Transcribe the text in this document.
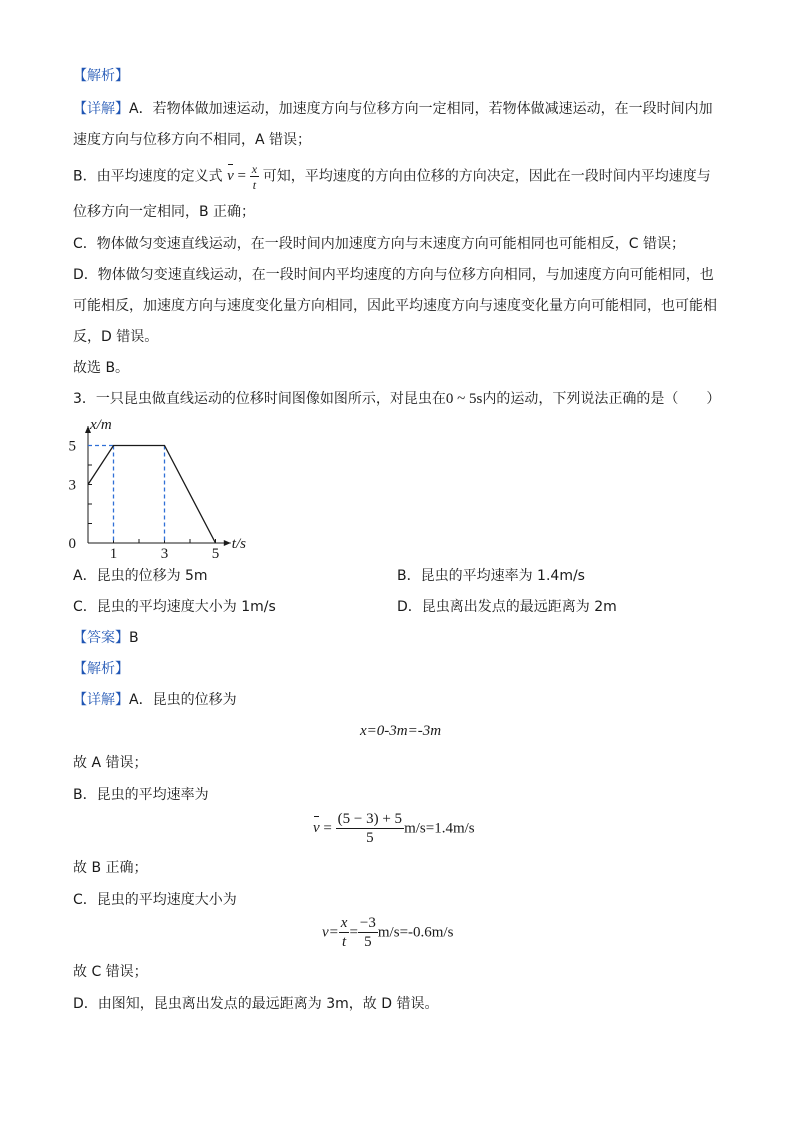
【解析】
【详解】A．若物体做加速运动，加速度方向与位移方向一定相同，若物体做减速运动，在一段时间内加
速度方向与位移方向不相同，A 错误；
B．由平均速度的定义式 $v = \frac{x}{t}$ 可知，平均速度的方向由位移的方向决定，因此在一段时间内平均速度与
位移方向一定相同，B 正确；
C．物体做匀变速直线运动，在一段时间内加速度方向与末速度方向可能相同也可能相反，C 错误；
D．物体做匀变速直线运动，在一段时间内平均速度的方向与位移方向相同，与加速度方向可能相同，也
可能相反，加速度方向与速度变化量方向相同，因此平均速度方向与速度变化量方向可能相同，也可能相
反，D 错误。
故选 B。
3．一只昆虫做直线运动的位移时间图像如图所示，对昆虫在0 ~ 5s内的运动，下列说法正确的是（　　）
1	3	5
3
5
0	t/s
x/m
A．昆虫的位移为 5m	B．昆虫的平均速率为 1.4m/s
C．昆虫的平均速度大小为 1m/s	D．昆虫离出发点的最远距离为 2m
【答案】B
【解析】
【详解】A．昆虫的位移为
x=0-3m=-3m
故 A 错误；
B．昆虫的平均速率为
$v = \frac{(5 - 3) + 5}{5} m/s=1.4m/s$
故 B 正确；
C．昆虫的平均速度大小为
$v= \frac{x}{t} = \frac{-3}{5} m/s=-0.6m/s$
故 C 错误；
D．由图知，昆虫离出发点的最远距离为 3m，故 D 错误。
